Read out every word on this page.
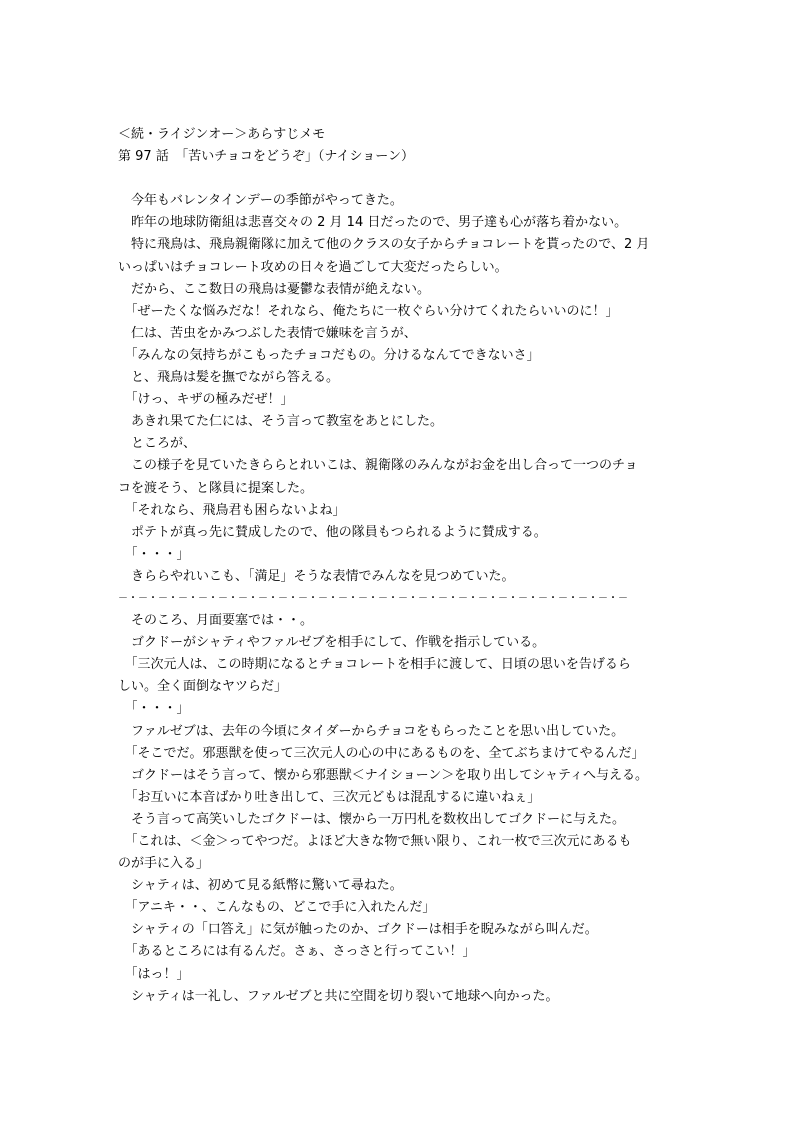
＜続・ライジンオー＞あらすじメモ
第 97 話　「苦いチョコをどうぞ」（ナイショーン）
　今年もバレンタインデーの季節がやってきた。
　昨年の地球防衛組は悲喜交々の 2 月 14 日だったので、男子達も心が落ち着かない。
　特に飛鳥は、飛鳥親衛隊に加えて他のクラスの女子からチョコレートを貰ったので、2 月
いっぱいはチョコレート攻めの日々を過ごして大変だったらしい。
　だから、ここ数日の飛鳥は憂鬱な表情が絶えない。
　「ぜーたくな悩みだな！それなら、俺たちに一枚ぐらい分けてくれたらいいのに！」
　仁は、苦虫をかみつぶした表情で嫌味を言うが、
　「みんなの気持ちがこもったチョコだもの。分けるなんてできないさ」
　と、飛鳥は髪を撫でながら答える。
　「けっ、キザの極みだぜ！」
　あきれ果てた仁には、そう言って教室をあとにした。
　ところが、
　この様子を見ていたきららとれいこは、親衛隊のみんながお金を出し合って一つのチョ
コを渡そう、と隊員に提案した。
　「それなら、飛鳥君も困らないよね」
　ポテトが真っ先に賛成したので、他の隊員もつられるように賛成する。
　「・・・」
　きららやれいこも、「満足」そうな表情でみんなを見つめていた。
－・－・－・－・－・－・－・－・－・－・－・－・－・－・－・－・－・－・－・－・－・－・－・－・－・－
　そのころ、月面要塞では・・。
　ゴクドーがシャティやファルゼブを相手にして、作戦を指示している。
　「三次元人は、この時期になるとチョコレートを相手に渡して、日頃の思いを告げるら
しい。全く面倒なヤツらだ」
　「・・・」
　ファルゼブは、去年の今頃にタイダーからチョコをもらったことを思い出していた。
　「そこでだ。邪悪獣を使って三次元人の心の中にあるものを、全てぶちまけてやるんだ」
　ゴクドーはそう言って、懐から邪悪獣＜ナイショーン＞を取り出してシャティへ与える。
　「お互いに本音ばかり吐き出して、三次元どもは混乱するに違いねぇ」
　そう言って高笑いしたゴクドーは、懐から一万円札を数枚出してゴクドーに与えた。
　「これは、＜金＞ってやつだ。よほど大きな物で無い限り、これ一枚で三次元にあるも
のが手に入る」
　シャティは、初めて見る紙幣に驚いて尋ねた。
　「アニキ・・、こんなもの、どこで手に入れたんだ」
　シャティの「口答え」に気が触ったのか、ゴクドーは相手を睨みながら叫んだ。
　「あるところには有るんだ。さぁ、さっさと行ってこい！」
　「はっ！」
　シャティは一礼し、ファルゼブと共に空間を切り裂いて地球へ向かった。
